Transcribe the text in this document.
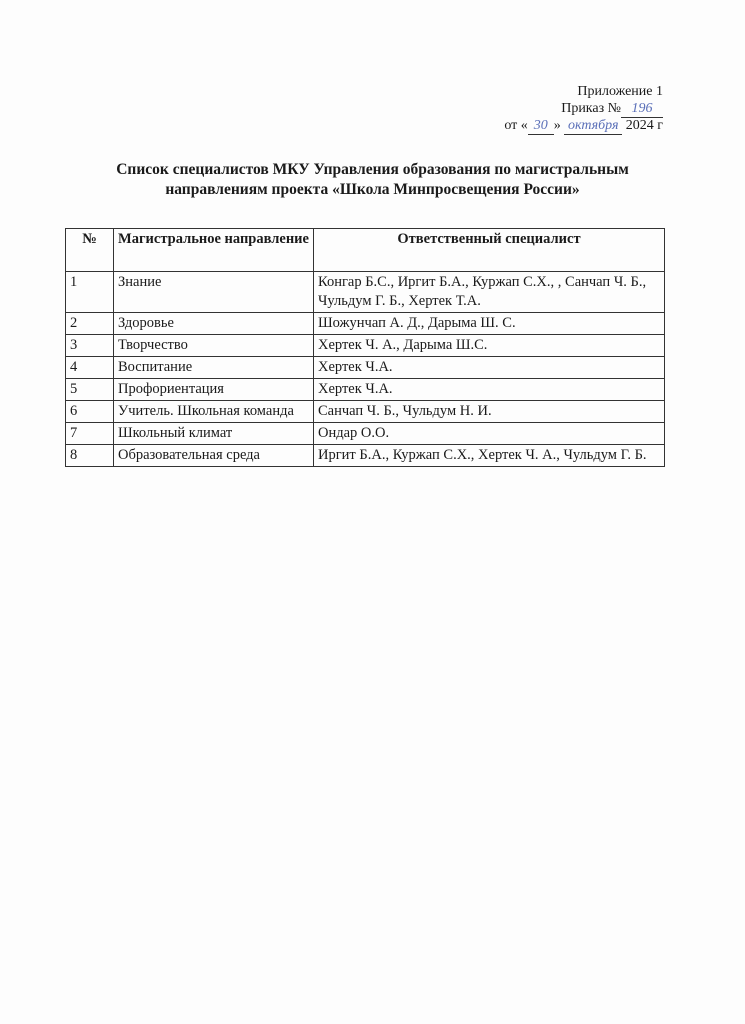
Приложение 1
Приказ № 196
от « 30 » октября 2024 г
Список специалистов МКУ Управления образования по магистральным
направлениям проекта «Школа Минпросвещения России»
№	Магистральное направление	Ответственный специалист
1	Знание	Конгар Б.С., Иргит Б.А., Куржап С.Х., , Санчап Ч. Б., Чульдум Г. Б., Хертек Т.А.
2	Здоровье	Шожунчап А. Д., Дарыма Ш. С.
3	Творчество	Хертек Ч. А., Дарыма Ш.С.
4	Воспитание	Хертек Ч.А.
5	Профориентация	Хертек Ч.А.
6	Учитель. Школьная команда	Санчап Ч. Б., Чульдум Н. И.
7	Школьный климат	Ондар О.О.
8	Образовательная среда	Иргит Б.А., Куржап С.Х., Хертек Ч. А., Чульдум Г. Б.
